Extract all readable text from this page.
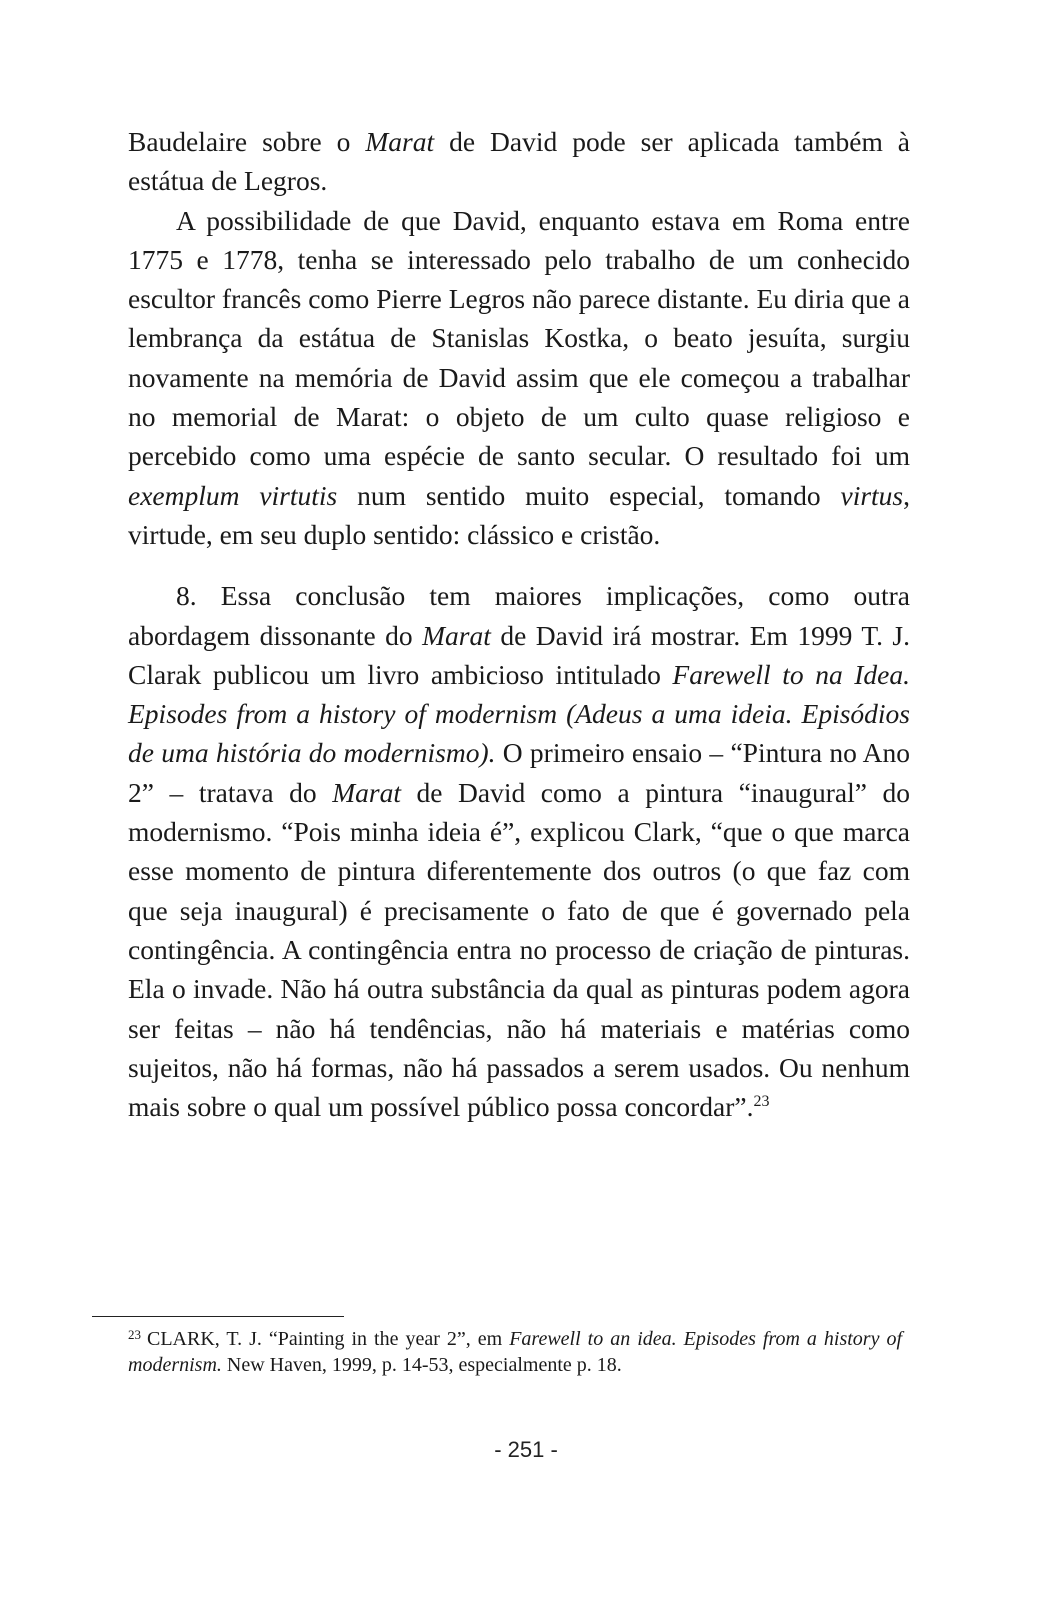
Baudelaire sobre o Marat de David pode ser aplicada também à estátua de Legros.

A possibilidade de que David, enquanto estava em Roma entre 1775 e 1778, tenha se interessado pelo trabalho de um conhecido escultor francês como Pierre Legros não parece distante. Eu diria que a lembrança da estátua de Stanislas Kostka, o beato jesuíta, surgiu novamente na memória de David assim que ele começou a trabalhar no memorial de Marat: o objeto de um culto quase religioso e percebido como uma espécie de santo secular. O resultado foi um exemplum virtutis num sentido muito especial, tomando virtus, virtude, em seu duplo sentido: clássico e cristão.

8. Essa conclusão tem maiores implicações, como outra abordagem dissonante do Marat de David irá mostrar. Em 1999 T. J. Clarak publicou um livro ambicioso intitulado Farewell to na Idea. Episodes from a history of modernism (Adeus a uma ideia. Episódios de uma história do modernismo). O primeiro ensaio – “Pintura no Ano 2” – tratava do Marat de David como a pintura “inaugural” do modernismo. “Pois minha ideia é”, explicou Clark, “que o que marca esse momento de pintura diferentemente dos outros (o que faz com que seja inaugural) é precisamente o fato de que é governado pela contingência. A contingência entra no processo de criação de pinturas. Ela o invade. Não há outra substância da qual as pinturas podem agora ser feitas – não há tendências, não há materiais e matérias como sujeitos, não há formas, não há passados a serem usados. Ou nenhum mais sobre o qual um possível público possa concordar”.$^{23}$

$^{23}$ CLARK, T. J. “Painting in the year 2”, em Farewell to an idea. Episodes from a history of modernism. New Haven, 1999, p. 14-53, especialmente p. 18.

- 251 -
